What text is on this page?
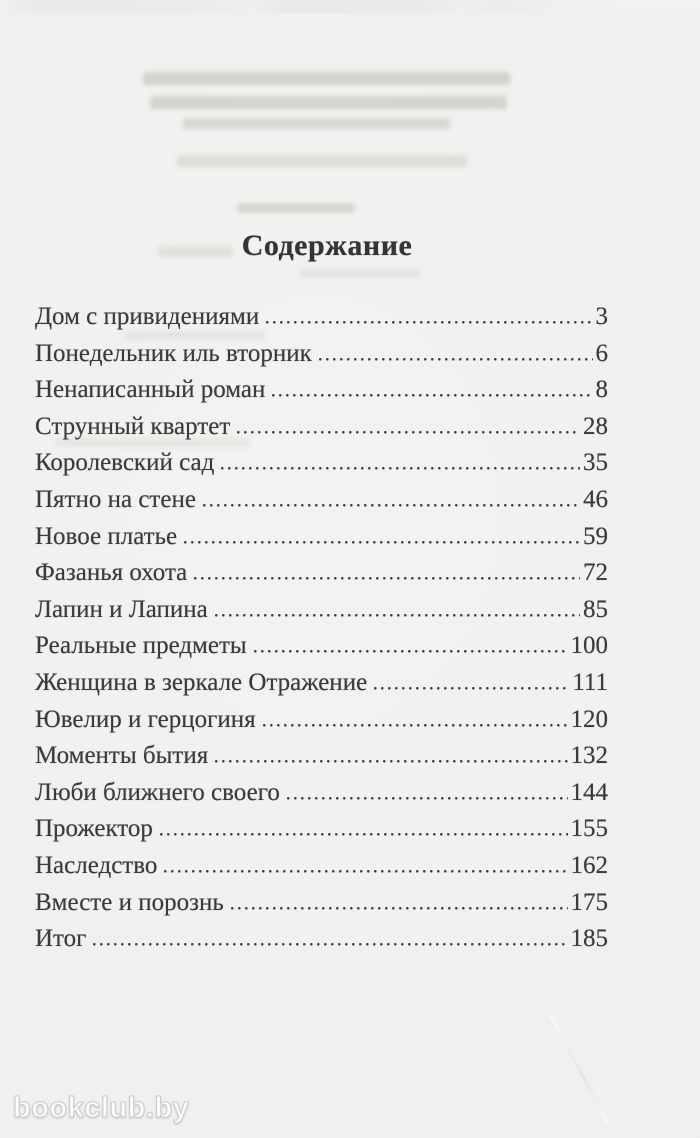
Содержание
Дом с привидениями	3
Понедельник иль вторник	6
Ненаписанный роман	8
Струнный квартет	28
Королевский сад	35
Пятно на стене	46
Новое платье	59
Фазанья охота	72
Лапин и Лапина	85
Реальные предметы	100
Женщина в зеркале Отражение	111
Ювелир и герцогиня	120
Моменты бытия	132
Люби ближнего своего	144
Прожектор	155
Наследство	162
Вместе и порознь	175
Итог	185
bookclub.by
